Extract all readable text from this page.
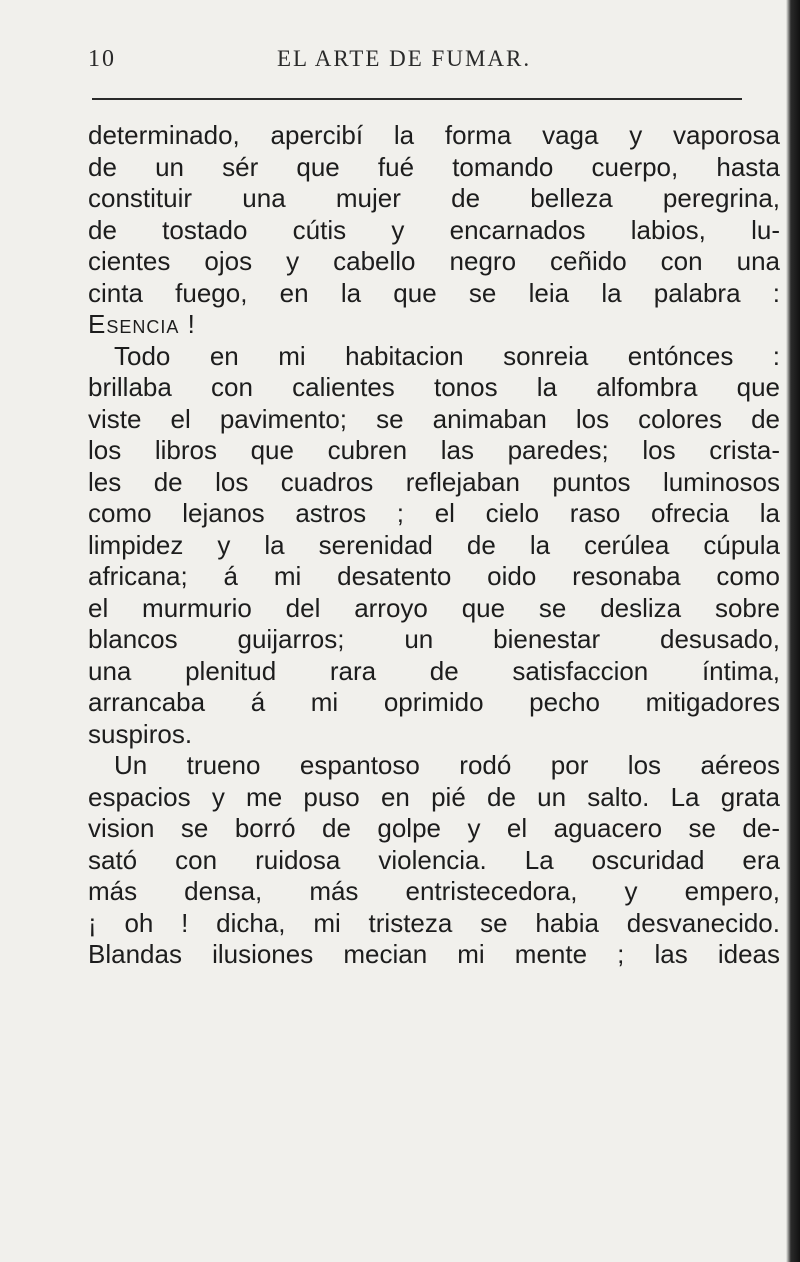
10	EL ARTE DE FUMAR.
determinado, apercibí la forma vaga y vaporosa
de un sér que fué tomando cuerpo, hasta
constituir una mujer de belleza peregrina,
de tostado cútis y encarnados labios, lu-
cientes ojos y cabello negro ceñido con una
cinta fuego, en la que se leia la palabra :
Esencia !
Todo en mi habitacion sonreia entónces :
brillaba con calientes tonos la alfombra que
viste el pavimento; se animaban los colores de
los libros que cubren las paredes; los crista-
les de los cuadros reflejaban puntos luminosos
como lejanos astros ; el cielo raso ofrecia la
limpidez y la serenidad de la cerúlea cúpula
africana; á mi desatento oido resonaba como
el murmurio del arroyo que se desliza sobre
blancos guijarros; un bienestar desusado,
una plenitud rara de satisfaccion íntima,
arrancaba á mi oprimido pecho mitigadores
suspiros.
Un trueno espantoso rodó por los aéreos
espacios y me puso en pié de un salto. La grata
vision se borró de golpe y el aguacero se de-
sató con ruidosa violencia. La oscuridad era
más densa, más entristecedora, y empero,
¡ oh ! dicha, mi tristeza se habia desvanecido.
Blandas ilusiones mecian mi mente ; las ideas
